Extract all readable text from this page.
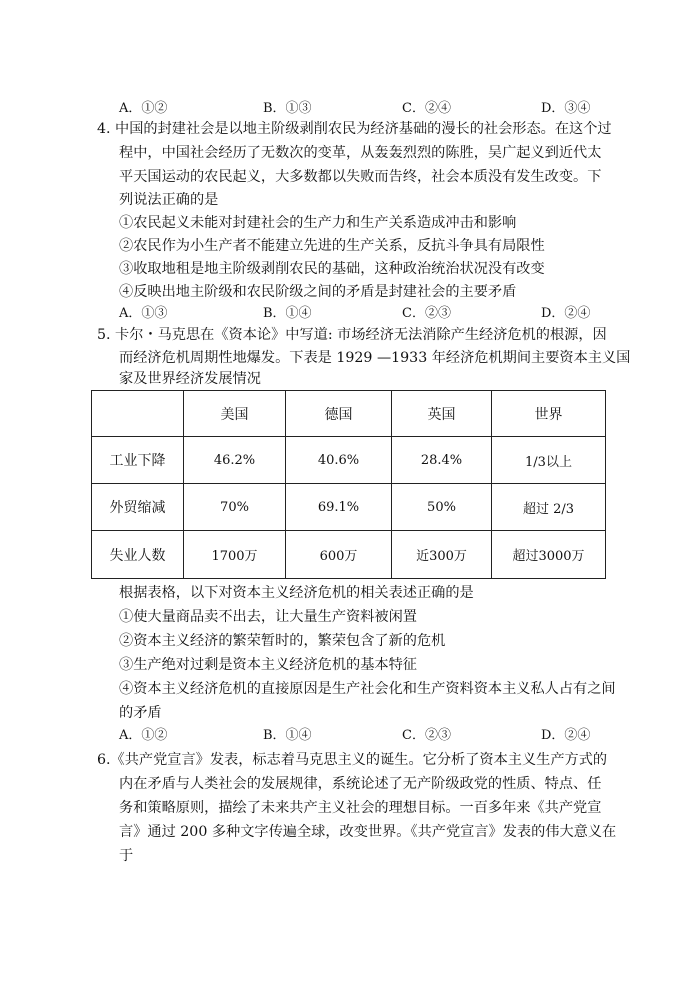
A．①②	B．①③	C．②④	D．③④
4. 中国的封建社会是以地主阶级剥削农民为经济基础的漫长的社会形态。在这个过
程中，中国社会经历了无数次的变革，从轰轰烈烈的陈胜，吴广起义到近代太
平天国运动的农民起义，大多数都以失败而告终，社会本质没有发生改变。下
列说法正确的是
①农民起义未能对封建社会的生产力和生产关系造成冲击和影响
②农民作为小生产者不能建立先进的生产关系，反抗斗争具有局限性
③收取地租是地主阶级剥削农民的基础，这种政治统治状况没有改变
④反映出地主阶级和农民阶级之间的矛盾是封建社会的主要矛盾
A．①③	B．①④	C．②③	D．②④
5. 卡尔・马克思在《资本论》中写道: 市场经济无法消除产生经济危机的根源，因
而经济危机周期性地爆发。下表是 1929 —1933 年经济危机期间主要资本主义国
家及世界经济发展情况
	美国	德国	英国	世界
工业下降	46.2%	40.6%	28.4%	1/3以上
外贸缩减	70%	69.1%	50%	超过 2/3
失业人数	1700万	600万	近300万	超过3000万
根据表格，以下对资本主义经济危机的相关表述正确的是
①使大量商品卖不出去，让大量生产资料被闲置
②资本主义经济的繁荣暂时的，繁荣包含了新的危机
③生产绝对过剩是资本主义经济危机的基本特征
④资本主义经济危机的直接原因是生产社会化和生产资料资本主义私人占有之间
的矛盾
A．①②	B．①④	C．②③	D．②④
6.《共产党宣言》发表，标志着马克思主义的诞生。它分析了资本主义生产方式的
内在矛盾与人类社会的发展规律，系统论述了无产阶级政党的性质、特点、任
务和策略原则，描绘了未来共产主义社会的理想目标。一百多年来《共产党宣
言》通过 200 多种文字传遍全球，改变世界。《共产党宣言》发表的伟大意义在
于
